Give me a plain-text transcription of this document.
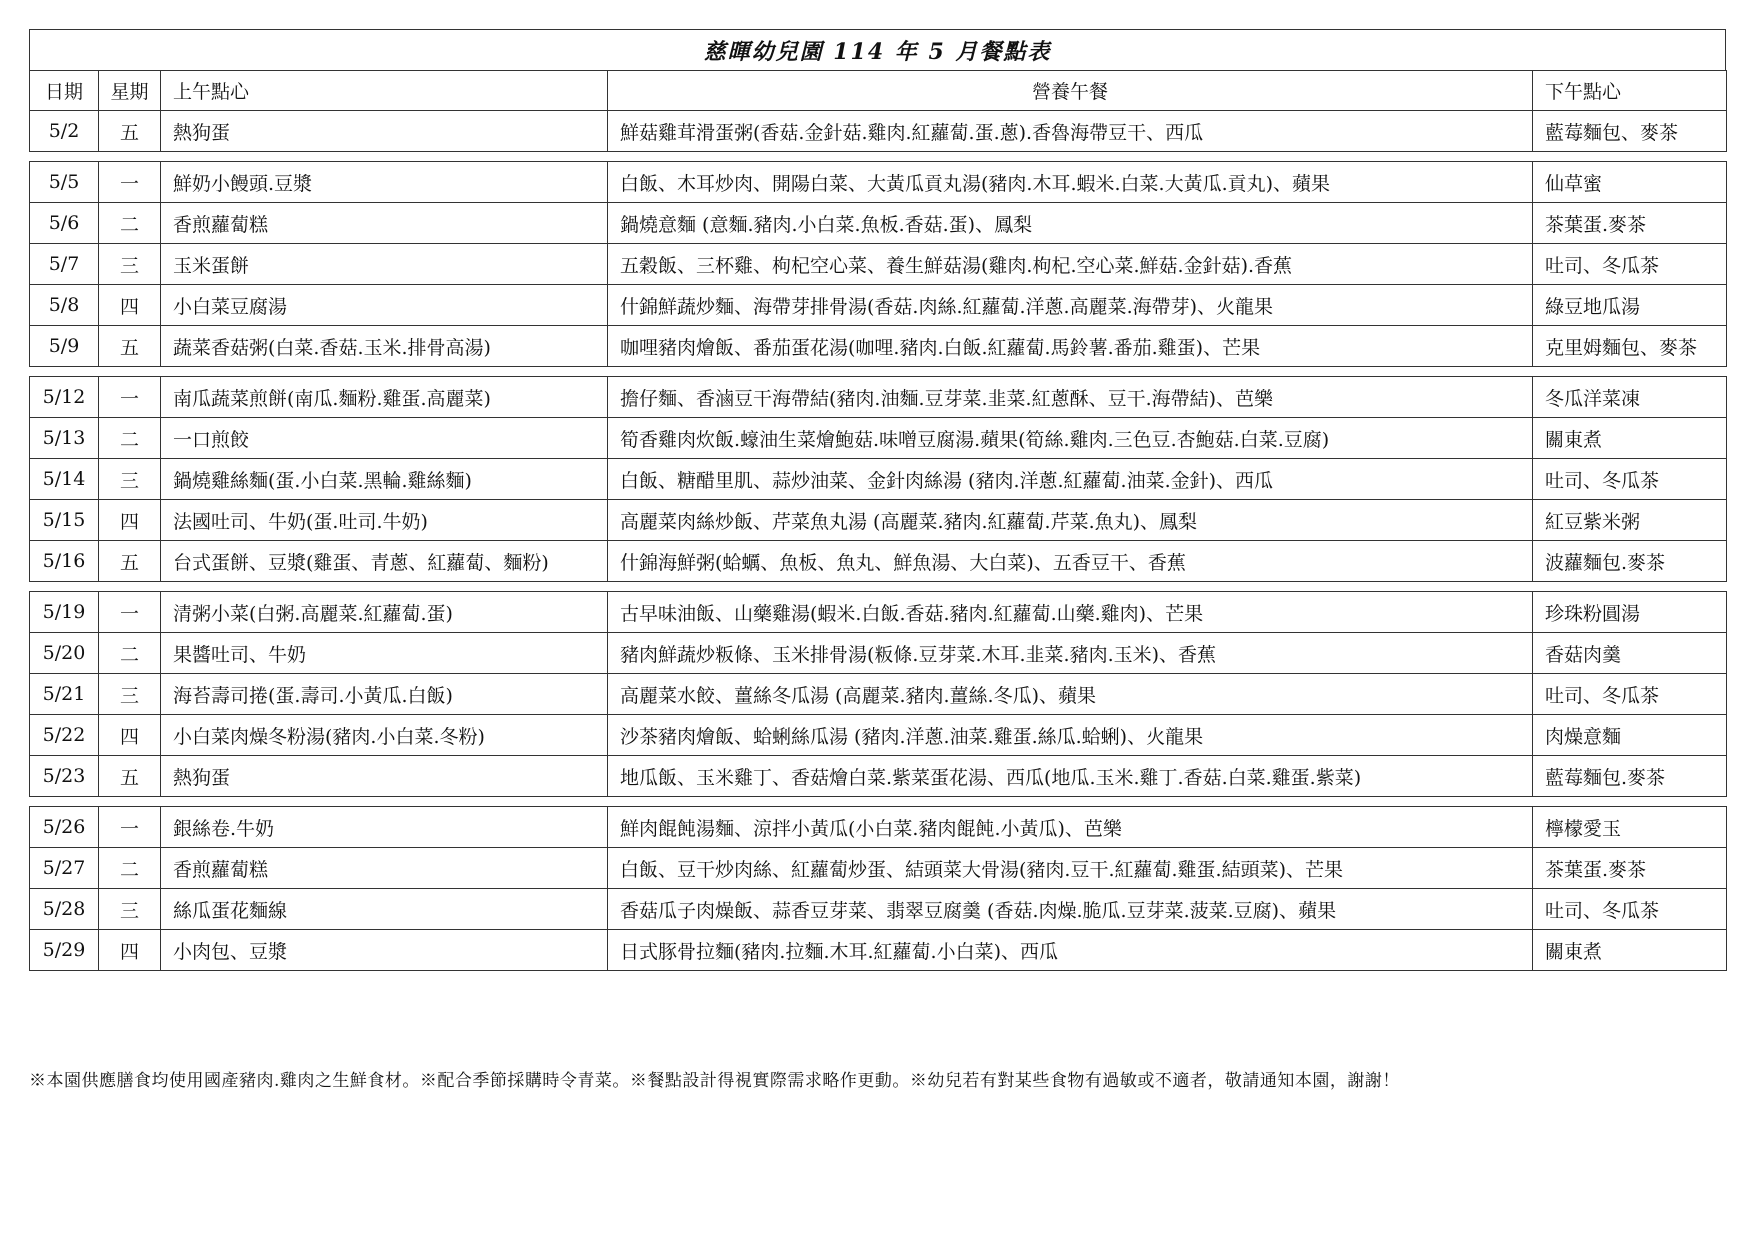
慈暉幼兒園 114 年 5 月餐點表
日期	星期	上午點心	營養午餐	下午點心
5/2	五	熱狗蛋	鮮菇雞茸滑蛋粥(香菇.金針菇.雞肉.紅蘿蔔.蛋.蔥).香魯海帶豆干、西瓜	藍莓麵包、麥茶

5/5	一	鮮奶小饅頭.豆漿	白飯、木耳炒肉、開陽白菜、大黃瓜貢丸湯(豬肉.木耳.蝦米.白菜.大黃瓜.貢丸)、蘋果	仙草蜜
5/6	二	香煎蘿蔔糕	鍋燒意麵 (意麵.豬肉.小白菜.魚板.香菇.蛋)、鳳梨	茶葉蛋.麥茶
5/7	三	玉米蛋餅	五穀飯、三杯雞、枸杞空心菜、養生鮮菇湯(雞肉.枸杞.空心菜.鮮菇.金針菇).香蕉	吐司、冬瓜茶
5/8	四	小白菜豆腐湯	什錦鮮蔬炒麵、海帶芽排骨湯(香菇.肉絲.紅蘿蔔.洋蔥.高麗菜.海帶芽)、火龍果	綠豆地瓜湯
5/9	五	蔬菜香菇粥(白菜.香菇.玉米.排骨高湯)	咖哩豬肉燴飯、番茄蛋花湯(咖哩.豬肉.白飯.紅蘿蔔.馬鈴薯.番茄.雞蛋)、芒果	克里姆麵包、麥茶

5/12	一	南瓜蔬菜煎餅(南瓜.麵粉.雞蛋.高麗菜)	擔仔麵、香滷豆干海帶結(豬肉.油麵.豆芽菜.韭菜.紅蔥酥、豆干.海帶結)、芭樂	冬瓜洋菜凍
5/13	二	一口煎餃	筍香雞肉炊飯.蠔油生菜燴鮑菇.味噌豆腐湯.蘋果(筍絲.雞肉.三色豆.杏鮑菇.白菜.豆腐)	關東煮
5/14	三	鍋燒雞絲麵(蛋.小白菜.黑輪.雞絲麵)	白飯、糖醋里肌、蒜炒油菜、金針肉絲湯 (豬肉.洋蔥.紅蘿蔔.油菜.金針)、西瓜	吐司、冬瓜茶
5/15	四	法國吐司、牛奶(蛋.吐司.牛奶)	高麗菜肉絲炒飯、芹菜魚丸湯 (高麗菜.豬肉.紅蘿蔔.芹菜.魚丸)、鳳梨	紅豆紫米粥
5/16	五	台式蛋餅、豆漿(雞蛋、青蔥、紅蘿蔔、麵粉)	什錦海鮮粥(蛤蠣、魚板、魚丸、鮮魚湯、大白菜)、五香豆干、香蕉	波蘿麵包.麥茶

5/19	一	清粥小菜(白粥.高麗菜.紅蘿蔔.蛋)	古早味油飯、山藥雞湯(蝦米.白飯.香菇.豬肉.紅蘿蔔.山藥.雞肉)、芒果	珍珠粉圓湯
5/20	二	果醬吐司、牛奶	豬肉鮮蔬炒粄條、玉米排骨湯(粄條.豆芽菜.木耳.韭菜.豬肉.玉米)、香蕉	香菇肉羹
5/21	三	海苔壽司捲(蛋.壽司.小黃瓜.白飯)	高麗菜水餃、薑絲冬瓜湯 (高麗菜.豬肉.薑絲.冬瓜)、蘋果	吐司、冬瓜茶
5/22	四	小白菜肉燥冬粉湯(豬肉.小白菜.冬粉)	沙茶豬肉燴飯、蛤蜊絲瓜湯 (豬肉.洋蔥.油菜.雞蛋.絲瓜.蛤蜊)、火龍果	肉燥意麵
5/23	五	熱狗蛋	地瓜飯、玉米雞丁、香菇燴白菜.紫菜蛋花湯、西瓜(地瓜.玉米.雞丁.香菇.白菜.雞蛋.紫菜)	藍莓麵包.麥茶

5/26	一	銀絲卷.牛奶	鮮肉餛飩湯麵、涼拌小黃瓜(小白菜.豬肉餛飩.小黃瓜)、芭樂	檸檬愛玉
5/27	二	香煎蘿蔔糕	白飯、豆干炒肉絲、紅蘿蔔炒蛋、結頭菜大骨湯(豬肉.豆干.紅蘿蔔.雞蛋.結頭菜)、芒果	茶葉蛋.麥茶
5/28	三	絲瓜蛋花麵線	香菇瓜子肉燥飯、蒜香豆芽菜、翡翠豆腐羹 (香菇.肉燥.脆瓜.豆芽菜.菠菜.豆腐)、蘋果	吐司、冬瓜茶
5/29	四	小肉包、豆漿	日式豚骨拉麵(豬肉.拉麵.木耳.紅蘿蔔.小白菜)、西瓜	關東煮
※本園供應膳食均使用國產豬肉.雞肉之生鮮食材。※配合季節採購時令青菜。※餐點設計得視實際需求略作更動。※幼兒若有對某些食物有過敏或不適者，敬請通知本園，謝謝！
